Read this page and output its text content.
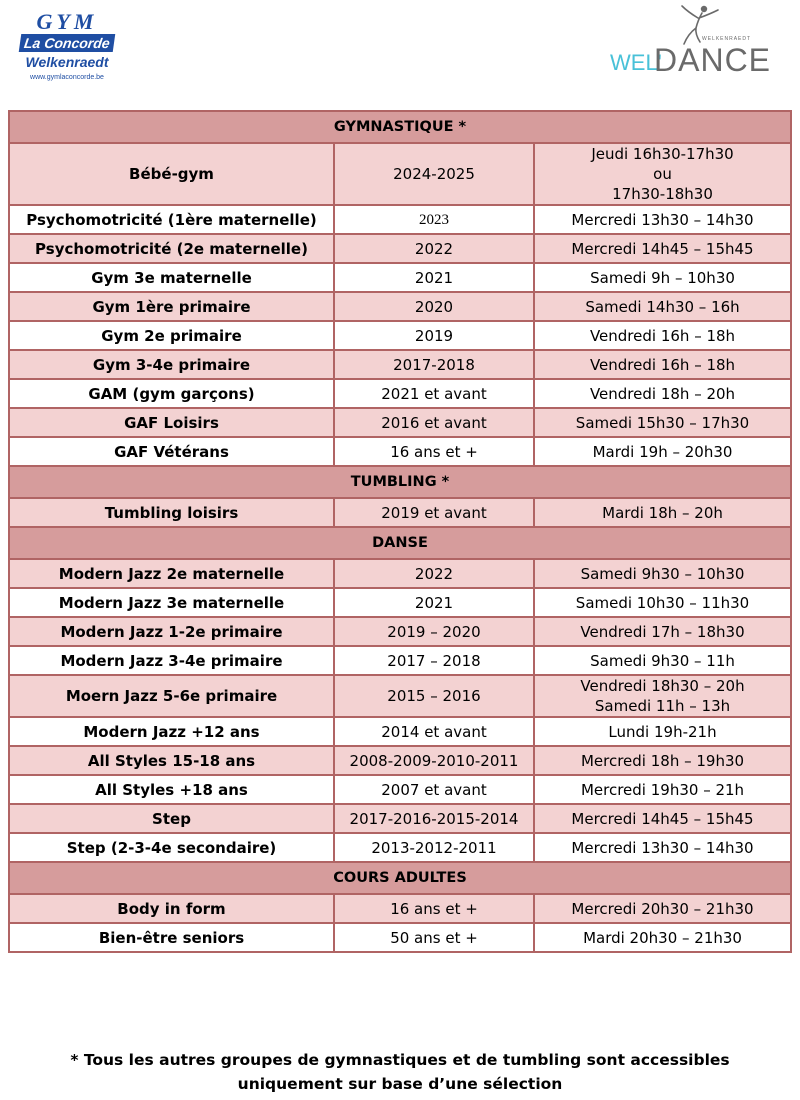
GYM
La Concorde
Welkenraedt
www.gymlaconcorde.be
WELKENRAEDT
WEL'
DANCE
GYMNASTIQUE *		
Bébé-gym	2024-2025	Jeudi 16h30-17h30
ou
17h30-18h30

Psychomotricité (1ère maternelle)	2023	Mercredi 13h30 – 14h30

Psychomotricité (2e maternelle)	2022	Mercredi 14h45 – 15h45

Gym 3e maternelle	2021	Samedi 9h – 10h30

Gym 1ère primaire	2020	Samedi 14h30 – 16h

Gym 2e primaire	2019	Vendredi 16h – 18h

Gym 3-4e primaire	2017-2018	Vendredi 16h – 18h

GAM (gym garçons)	2021 et avant	Vendredi 18h – 20h

GAF Loisirs	2016 et avant	Samedi 15h30 – 17h30

GAF Vétérans	16 ans et +	Mardi 19h – 20h30

TUMBLING *		
Tumbling loisirs	2019 et avant	Mardi 18h – 20h

DANSE		
Modern Jazz 2e maternelle	2022	Samedi 9h30 – 10h30

Modern Jazz 3e maternelle	2021	Samedi 10h30 – 11h30

Modern Jazz 1-2e primaire	2019 – 2020	Vendredi 17h – 18h30

Modern Jazz 3-4e primaire	2017 – 2018	Samedi 9h30 – 11h

Moern Jazz 5-6e primaire	2015 – 2016	Vendredi 18h30 – 20h
Samedi 11h – 13h

Modern Jazz +12 ans	2014 et avant	Lundi 19h-21h

All Styles 15-18 ans	2008-2009-2010-2011	Mercredi 18h – 19h30

All Styles +18 ans	2007 et avant	Mercredi 19h30 – 21h

Step	2017-2016-2015-2014	Mercredi 14h45 – 15h45

Step (2-3-4e secondaire)	2013-2012-2011	Mercredi 13h30 – 14h30

COURS ADULTES		
Body in form	16 ans et +	Mercredi 20h30 – 21h30

Bien-être seniors	50 ans et +	Mardi 20h30 – 21h30
* Tous les autres groupes de gymnastiques et de tumbling sont accessibles
uniquement sur base d’une sélection
